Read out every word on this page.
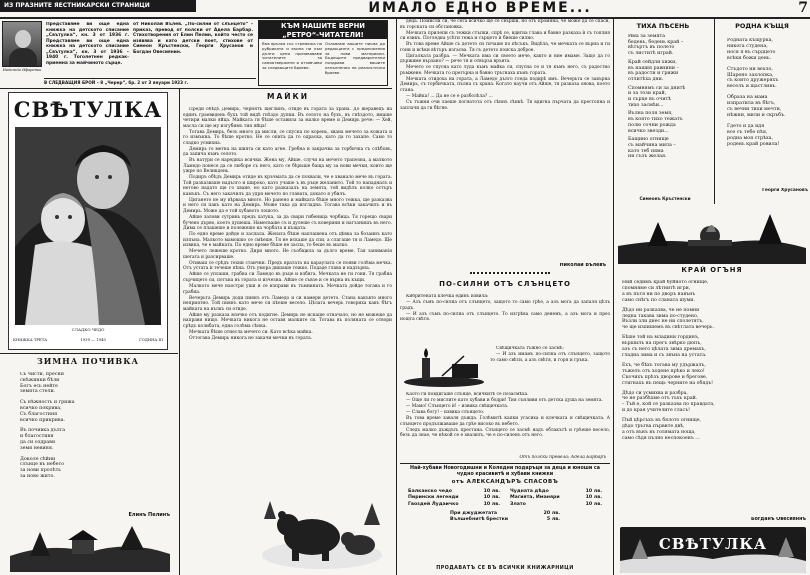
ИЗ ПРАЗНИТЕ ЯЕСТНИКАРСКИ СТРАНИЦИ	ИМАЛО ЕДНО ВРЕМЕ...	7
Надежда Ифаренко
Представяме ви още една книжка на детското списание „Свътулка“, кн. 3 от 1936 г. Представяме ви още една книжка на детското списание „Свътулка“, кн. 3 от 1936 – 1940 г. Тоголетнен редкак-приемна за майчиното сърце.
от Николай Вълев. „По-силни от слънцето“ – приказ, превод от полски от Адела Барбар. Стихотворения от Елин Пелин, който често се изявява и като детски поет, стихове от Симеон Кръстенски, Георги Хрусанов и Богдан Овесиянин.
В СЛЕДВАЩИЯ БРОЙ – 8 „Чернр“, бр. 2 от 3 януари 1923 г.
КЪМ НАШИТЕ ВЕРНИ
„РЕТРО“-ЧИТАТЕЛИ!
Във връзка със стремежа на рубриката и екипа ни към дълги цени призоваваме читателите за самоотвержени и отзивчиви за следващите броеве.
Очакваме вашите писма до редакцията с предложения за нови материали. Бъдещите предварителни поздрави вашите изпълнения на реалистични броеве.
СВѢТУЛКА
СЛАДКО ЧЕДО
КНИЖКА ТРЕТА	1939 — 1940	ГОДИНА III
ЗИМНА ПОЧИВКА
Сь чисти, пресни
снѣжинки бѣли
Богъ есь нейте
земята стели.
Сь нѣжность и грижа
всичко покрива,
Съ благостиня
всичко прикрива.
Въ почивка дълга
и благостиня
да си оздрави
земя невиня.
Доколе сѣйни
слънце въ небето
за нови пролѣть
за ново жито.
Елинъ Пелинъ
МАЙКИ

Преди обѣдъ Демирь, чернятъ щеглинъ, отиде въ гората за храна. До жеравецъ на единъ граевидень бухъ той видѣ гнѣздо дупки. Въ селото на бухъ, въ гнѣздото, имаше четири малки яйца. Майката ги бѣше оставила за малко време и Демирь рече: — Хей, масла си ще му изгубимъ тия яйца!

Тогава Демирь, безъ много да мисли, се спусна по корень, хвана мечето за кожата и го измъкна. То бѣше кротко. Не се опита да го одраска, като да го захапе. Само то сладко усмихна.

Демирь го метна на шията си като агне. Гребна и закрачва за торбичка съ слѣбовъ, да запича къмъ селото.

Въ натури се наредиха всички. Жена му, Айше, случи на мечето трапезна, а малкото Ламедо понесе да се люборе съ него, като се бѣрыше баща му за нови мечки, които ще ужре по Великдень.

Подиръ обѣдъ Демирь отиде въ кръчмата да се похвали, че е хванало мече въ гората. Той разказваше надълго и широко, като учаше ъ въ ръце желанито. Той то нападналъ и негово надато ще го хване, но като разказалъ на земята, той видѣлъ колко остъръ камъкъ. Съ него закачилъ да удря мечето по главата, докато я убилъ.

Цигането не му вѣрваха много. Но ранено и майката бѣше много тежка, ще разказва и него си пакъ като на Демирь. Може така да изгладна. Тогава всѣки закачилъ и въ Демирь. Може да е той хубавото лошото.

Айше залови сутринь предъ хатука, за да свари гибеница чорбица. Тя горещо свари бучено дърво, което душеша. Намесваше съ и дулеше съ коверини и нагъзнишъ въ него. Дима се плашеше и полежеше на чорбата и къщата.

По едно време дойде и заспала. Жената бѣше наплашена отъ цѣвка за бозаинъ като изпъна. Малкото мамошко се смѣеше. Тя не искаше да спи, а слагаше тя и Ламедо. Ще извика, че е майката. По едно време бѣше не заспа, то беше въ малко.

Мечето лежеше кротко. Дири много. Не съобщила за дълго време. Тая заниманія шегата и разсирваше.

Отиваш се срѣдъ техни стаични. Предъ вратата на караулата се появи голѣма мечка. Отъ устата ѝ течеше пѣна. Отъ умора дишаше тежко. Подаде глава и надзърна.

Айше се уплаши, грабна си Ламедо въ ръце и избяга. Мечката не ги гони. Тя грабна сърчицето си, потъна въ гората и изчезна. Айше се съвзе и се върна въ къщи.

Малкото мече наостри уши и се изправи въ тъмнината. Мечката дойде тогава и го грабна.

Вечерьта Демирь доди пиянъ отъ Ламедо и си намери детето. Стана какъвто много неприятно. Той пиянъ като мече си пѣеше весело. Цѣлата вечерь говориха какъ бѣгъ майката на вълкъ си отиде.

Айше му разказа всичко отъ подигне. Демирь не искаше отначало, но не можеше да направи нищо. Мечката никога не оставя малките си. Тогава въ поляната се отвори срѣдъ колибата, една голѣма сѣнка.

Мечката бѣше отнесла мечето си. Като всѣка майка.

Оттогава Демирь никога не закачи мечки въ гората.

деца. Помисли си, че сега всичко ще се свърши, но отъ промяна, че може да се спаси, въ горската си обстановка.

Мечката прилепи съ тежки стъпки, спрѣ се, вдигна глава и бавно разказа ѝ съ топлия си езикъ. Погледна усѣти тежа и сърцето ѝ биеше силно.

Въ това време Айше съ детето си тичаше по пѣсъкъ. Видѣла, че мечката се върна и ги гони и всѣки вѣтъръ изгасва. Тя съ детето поиска доброе.

Цигалката разбра. — Мечката има си своето мече, както и ние имаме. Защо да го държиме вързано? — рече тя и отвърза връвта.

Мечето се спусна като луда къмъ майка си, спусна се и тя къмъ него, съ радостно ръмжене. Мечката го прегърна и бавно тръгнаха къмъ гората.

Мечката отидоха на гората, а Ламедо дълго гледа подирѣ имъ. Вечерьта се завърна Демирь, съ торбичката, пълна съ храна. Когато научи отъ Айше, тя разказа онова, което стана.

— Майка! ... Да не се е разболѣла? ...

Съ тъжни очи лаеше погнатота отъ сѣннъ сѣнкѣ. Тя вдигна пърчата да престопна и заплачи да ги бѣгне.

Николай Вълевъ
ПО-СИЛНИ ОТЪ СЛЪНЦЕТО

Кибритената клечка единъ извила:

— Азъ съмъ по-силна отъ слънцето, защото то само грѣе, а азъ мога да запаля цѣлъ градъ.

— И азъ съмъ по-силна отъ слънцето. То изгрѣва само денемъ, а азъ мога и през нощта свѣтя.

Свѣщичката тъжно се засмѣ:

— И азъ имамъ по-силна отъ слънцето, защото то само свѣти, а азъ свѣтя, и горя и гръка.

Каото ги повдигаше слънце, всичкитѣ се позасмѣха.

— Още ли го мислите като хубави и бодри! Тия сънливи отъ детска душа на земята.

— Мамо! Слънцето ѝ! – извика свѣщичката.

— Слава богу! – извика слънцето.

Въ това време заваля дъжда. Голѣмитѣ капки угасиха и клечката и свѣщичката. А слънцето продължаваше да грѣе високо въ небето.

Следъ малко дъждъть престана. Слънцето се засмѣ надъ облакътѣ и грѣеше весело, безъ да знае, че нѣкой се е хвалилъ, че е по-силенъ отъ него.

Отъ полски превела: Адела Барбаръ
Най-хубави Новогодишни и Коледни подаръци за деца и юноши са чудно красивитѣ и хубави книжки
отъ АЛЕКСАНДЪРЪ СПАСОВЪ
Балканско чедо	10 лв.
Пирински легенди	10 лв.
Гвоздей Лудаичко	10 лв.
Чудната дѣдо	10 лв.
Магията, Иманяри	10 лв.
Злато	10 лв.
При джуджетата	20 лв.
Вълшебнитѣ брестки	5 лв.
ПРОДАВАТЪ СЕ ВЪ ВСИЧКИ КНИЖАРНИЦИ
ТИХА ПѢСЕНЬ
Има за земята
бедень, бедень край –
вѣтъртъ въ полето
съ листитѣ играй.
Край сейдли хижи,
въ нашия равнини –
въ радости и грижи
отлитѣха дни.
Спомнямъ си за днитѣ
и за този край,
и сърце въ очитѣ
тихо засмѣи...
Вълна поля земя,
въ която тихо тежатъ
полю сочни рожда
всичко звезди...
Бащино огнище
съ майчина мила –
като теб няма
ни съзъ желая.
Симеонъ Кръстенски
РОДНА КЪЩЯ
Родната къщурка,
никога студена,
нося я въ сърдцето
всѣки божи день.
Стъдото ни вехло,
Шарено захлопка,
съ които дружеряхъ
веселъ и щастливъ.
Образа на мама
изпратила въ бѣгъ,
съ вечни тихи мечти,
нѣжни, мили и скръбъ.
Гдето и да идя
все съ тебе пѣя,
родна моя стрѣха,
родень край ровила!
Георги Хрусановъ
КРАЙ ОГЪНЯ
Ний седимъ край буйното огнище,
спомняме си лѣтнитѣ игри,
а въ пътя ни по дворъ навънъ
само снѣгъ по сланата шуми.
Дѣдо ни разказва, че не помни
ледна такава зима по-студено,
Възли зли днес не ни сполетятъ,
че ще изпишемъ въ свѣтлата вечерь.
Бѣше той на младини гординъ,
вършилъ на прегъ звѣрко дюпъ,
азъ съ него цѣлата зима дремахъ,
гладна зима и съ звъна на устата.
Ехъ, че бѣхъ тогава му удържалъ,
тъжелъ отъ ходене прѣко и леко!
Скочихъ прѣзъ дворове и брегове,
стигнахъ въ пещь черните на обядъ!
Дѣдо си усмихва и разбра,
че не разбѣхме отъ тъхъ край.
– Тъй е, кой се разказва по правдата,
и до края учителите гласъ!
Пъй цѣрсъхъ въ бялото огнище,
дѣдо тръгва първите двѣ,
а отъ вънъ въ голямата ноща,
само сѣдя пълно неспокоенъ ...
Богданъ Овесияннъ
СВѢТУЛКА
